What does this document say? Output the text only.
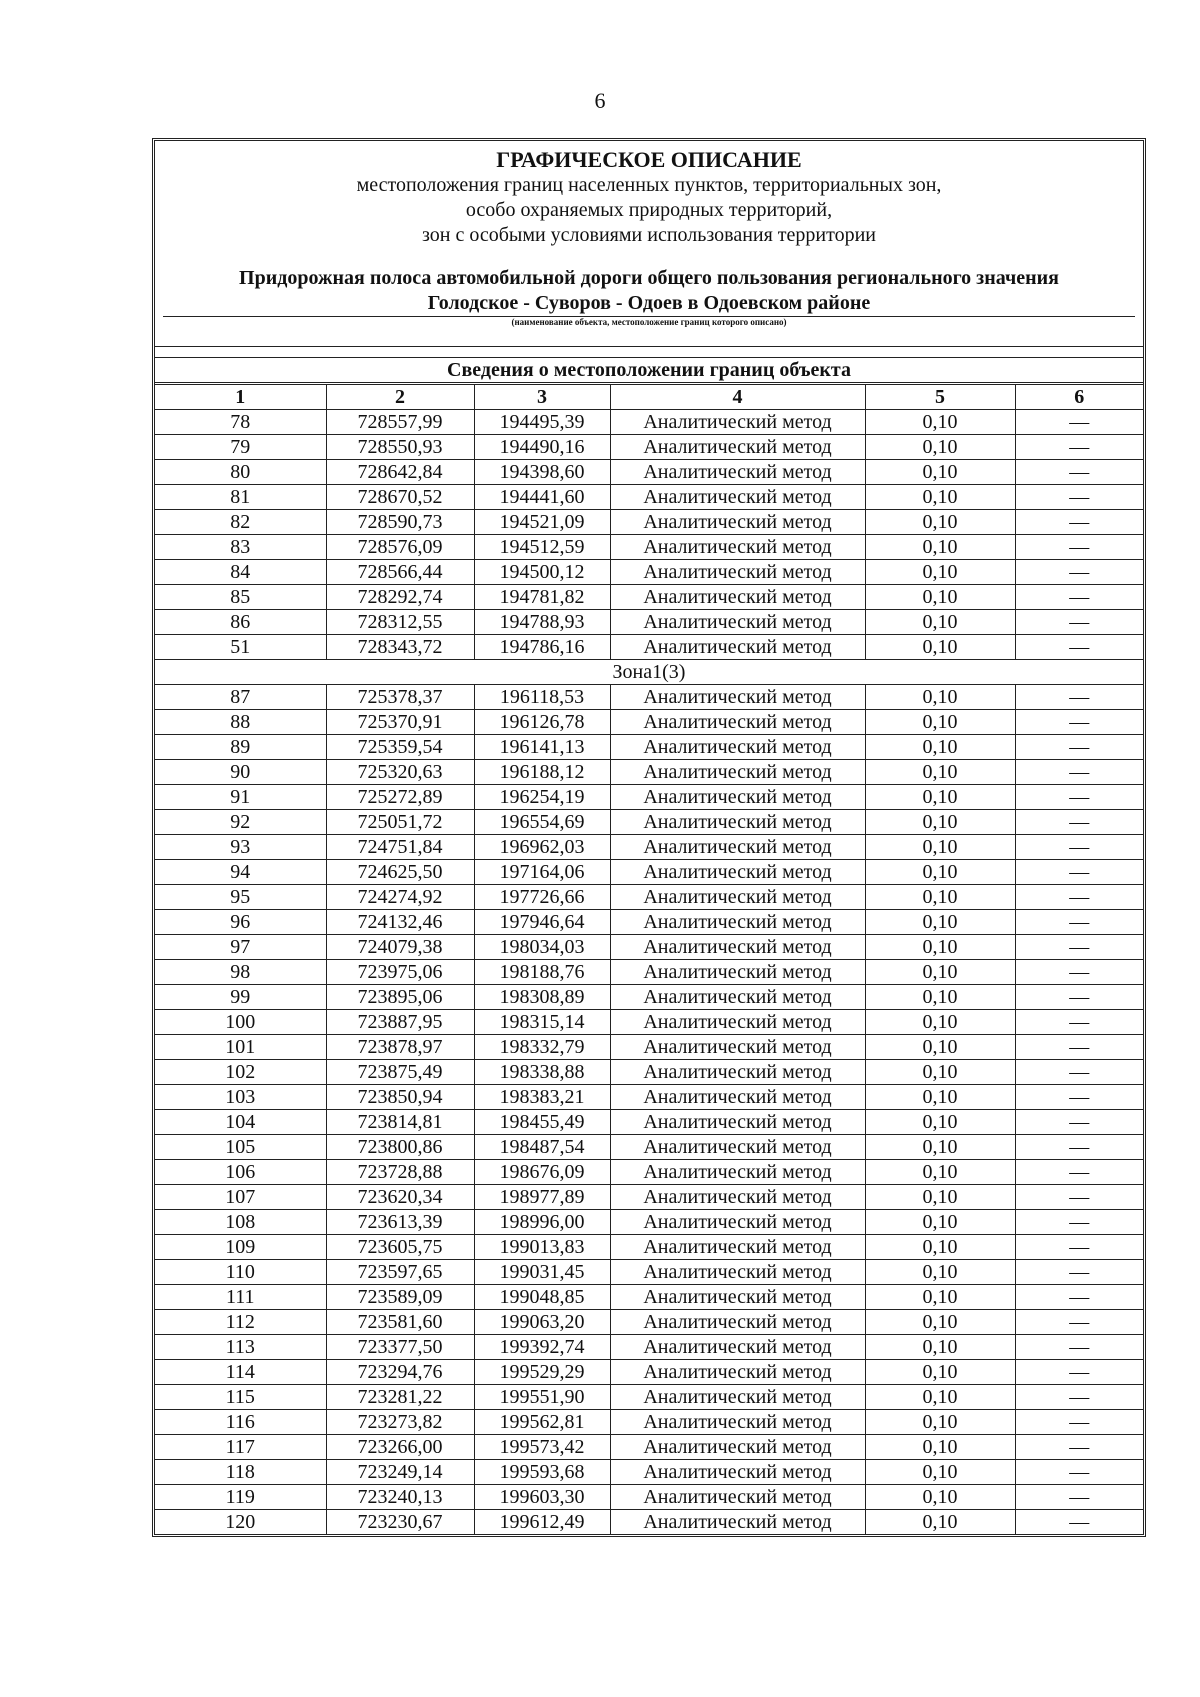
6
ГРАФИЧЕСКОЕ ОПИСАНИЕ
местоположения границ населенных пунктов, территориальных зон,
особо охраняемых природных территорий,
зон с особыми условиями использования территории
Придорожная полоса автомобильной дороги общего пользования регионального значения
Голодское - Суворов - Одоев в Одоевском районе
(наименование объекта, местоположение границ которого описано)
Сведения о местоположении границ объекта
1	2	3	4	5	6
78	728557,99	194495,39	Аналитический метод	0,10	—
79	728550,93	194490,16	Аналитический метод	0,10	—
80	728642,84	194398,60	Аналитический метод	0,10	—
81	728670,52	194441,60	Аналитический метод	0,10	—
82	728590,73	194521,09	Аналитический метод	0,10	—
83	728576,09	194512,59	Аналитический метод	0,10	—
84	728566,44	194500,12	Аналитический метод	0,10	—
85	728292,74	194781,82	Аналитический метод	0,10	—
86	728312,55	194788,93	Аналитический метод	0,10	—
51	728343,72	194786,16	Аналитический метод	0,10	—
Зона1(3)					
87	725378,37	196118,53	Аналитический метод	0,10	—
88	725370,91	196126,78	Аналитический метод	0,10	—
89	725359,54	196141,13	Аналитический метод	0,10	—
90	725320,63	196188,12	Аналитический метод	0,10	—
91	725272,89	196254,19	Аналитический метод	0,10	—
92	725051,72	196554,69	Аналитический метод	0,10	—
93	724751,84	196962,03	Аналитический метод	0,10	—
94	724625,50	197164,06	Аналитический метод	0,10	—
95	724274,92	197726,66	Аналитический метод	0,10	—
96	724132,46	197946,64	Аналитический метод	0,10	—
97	724079,38	198034,03	Аналитический метод	0,10	—
98	723975,06	198188,76	Аналитический метод	0,10	—
99	723895,06	198308,89	Аналитический метод	0,10	—
100	723887,95	198315,14	Аналитический метод	0,10	—
101	723878,97	198332,79	Аналитический метод	0,10	—
102	723875,49	198338,88	Аналитический метод	0,10	—
103	723850,94	198383,21	Аналитический метод	0,10	—
104	723814,81	198455,49	Аналитический метод	0,10	—
105	723800,86	198487,54	Аналитический метод	0,10	—
106	723728,88	198676,09	Аналитический метод	0,10	—
107	723620,34	198977,89	Аналитический метод	0,10	—
108	723613,39	198996,00	Аналитический метод	0,10	—
109	723605,75	199013,83	Аналитический метод	0,10	—
110	723597,65	199031,45	Аналитический метод	0,10	—
111	723589,09	199048,85	Аналитический метод	0,10	—
112	723581,60	199063,20	Аналитический метод	0,10	—
113	723377,50	199392,74	Аналитический метод	0,10	—
114	723294,76	199529,29	Аналитический метод	0,10	—
115	723281,22	199551,90	Аналитический метод	0,10	—
116	723273,82	199562,81	Аналитический метод	0,10	—
117	723266,00	199573,42	Аналитический метод	0,10	—
118	723249,14	199593,68	Аналитический метод	0,10	—
119	723240,13	199603,30	Аналитический метод	0,10	—
120	723230,67	199612,49	Аналитический метод	0,10	—
